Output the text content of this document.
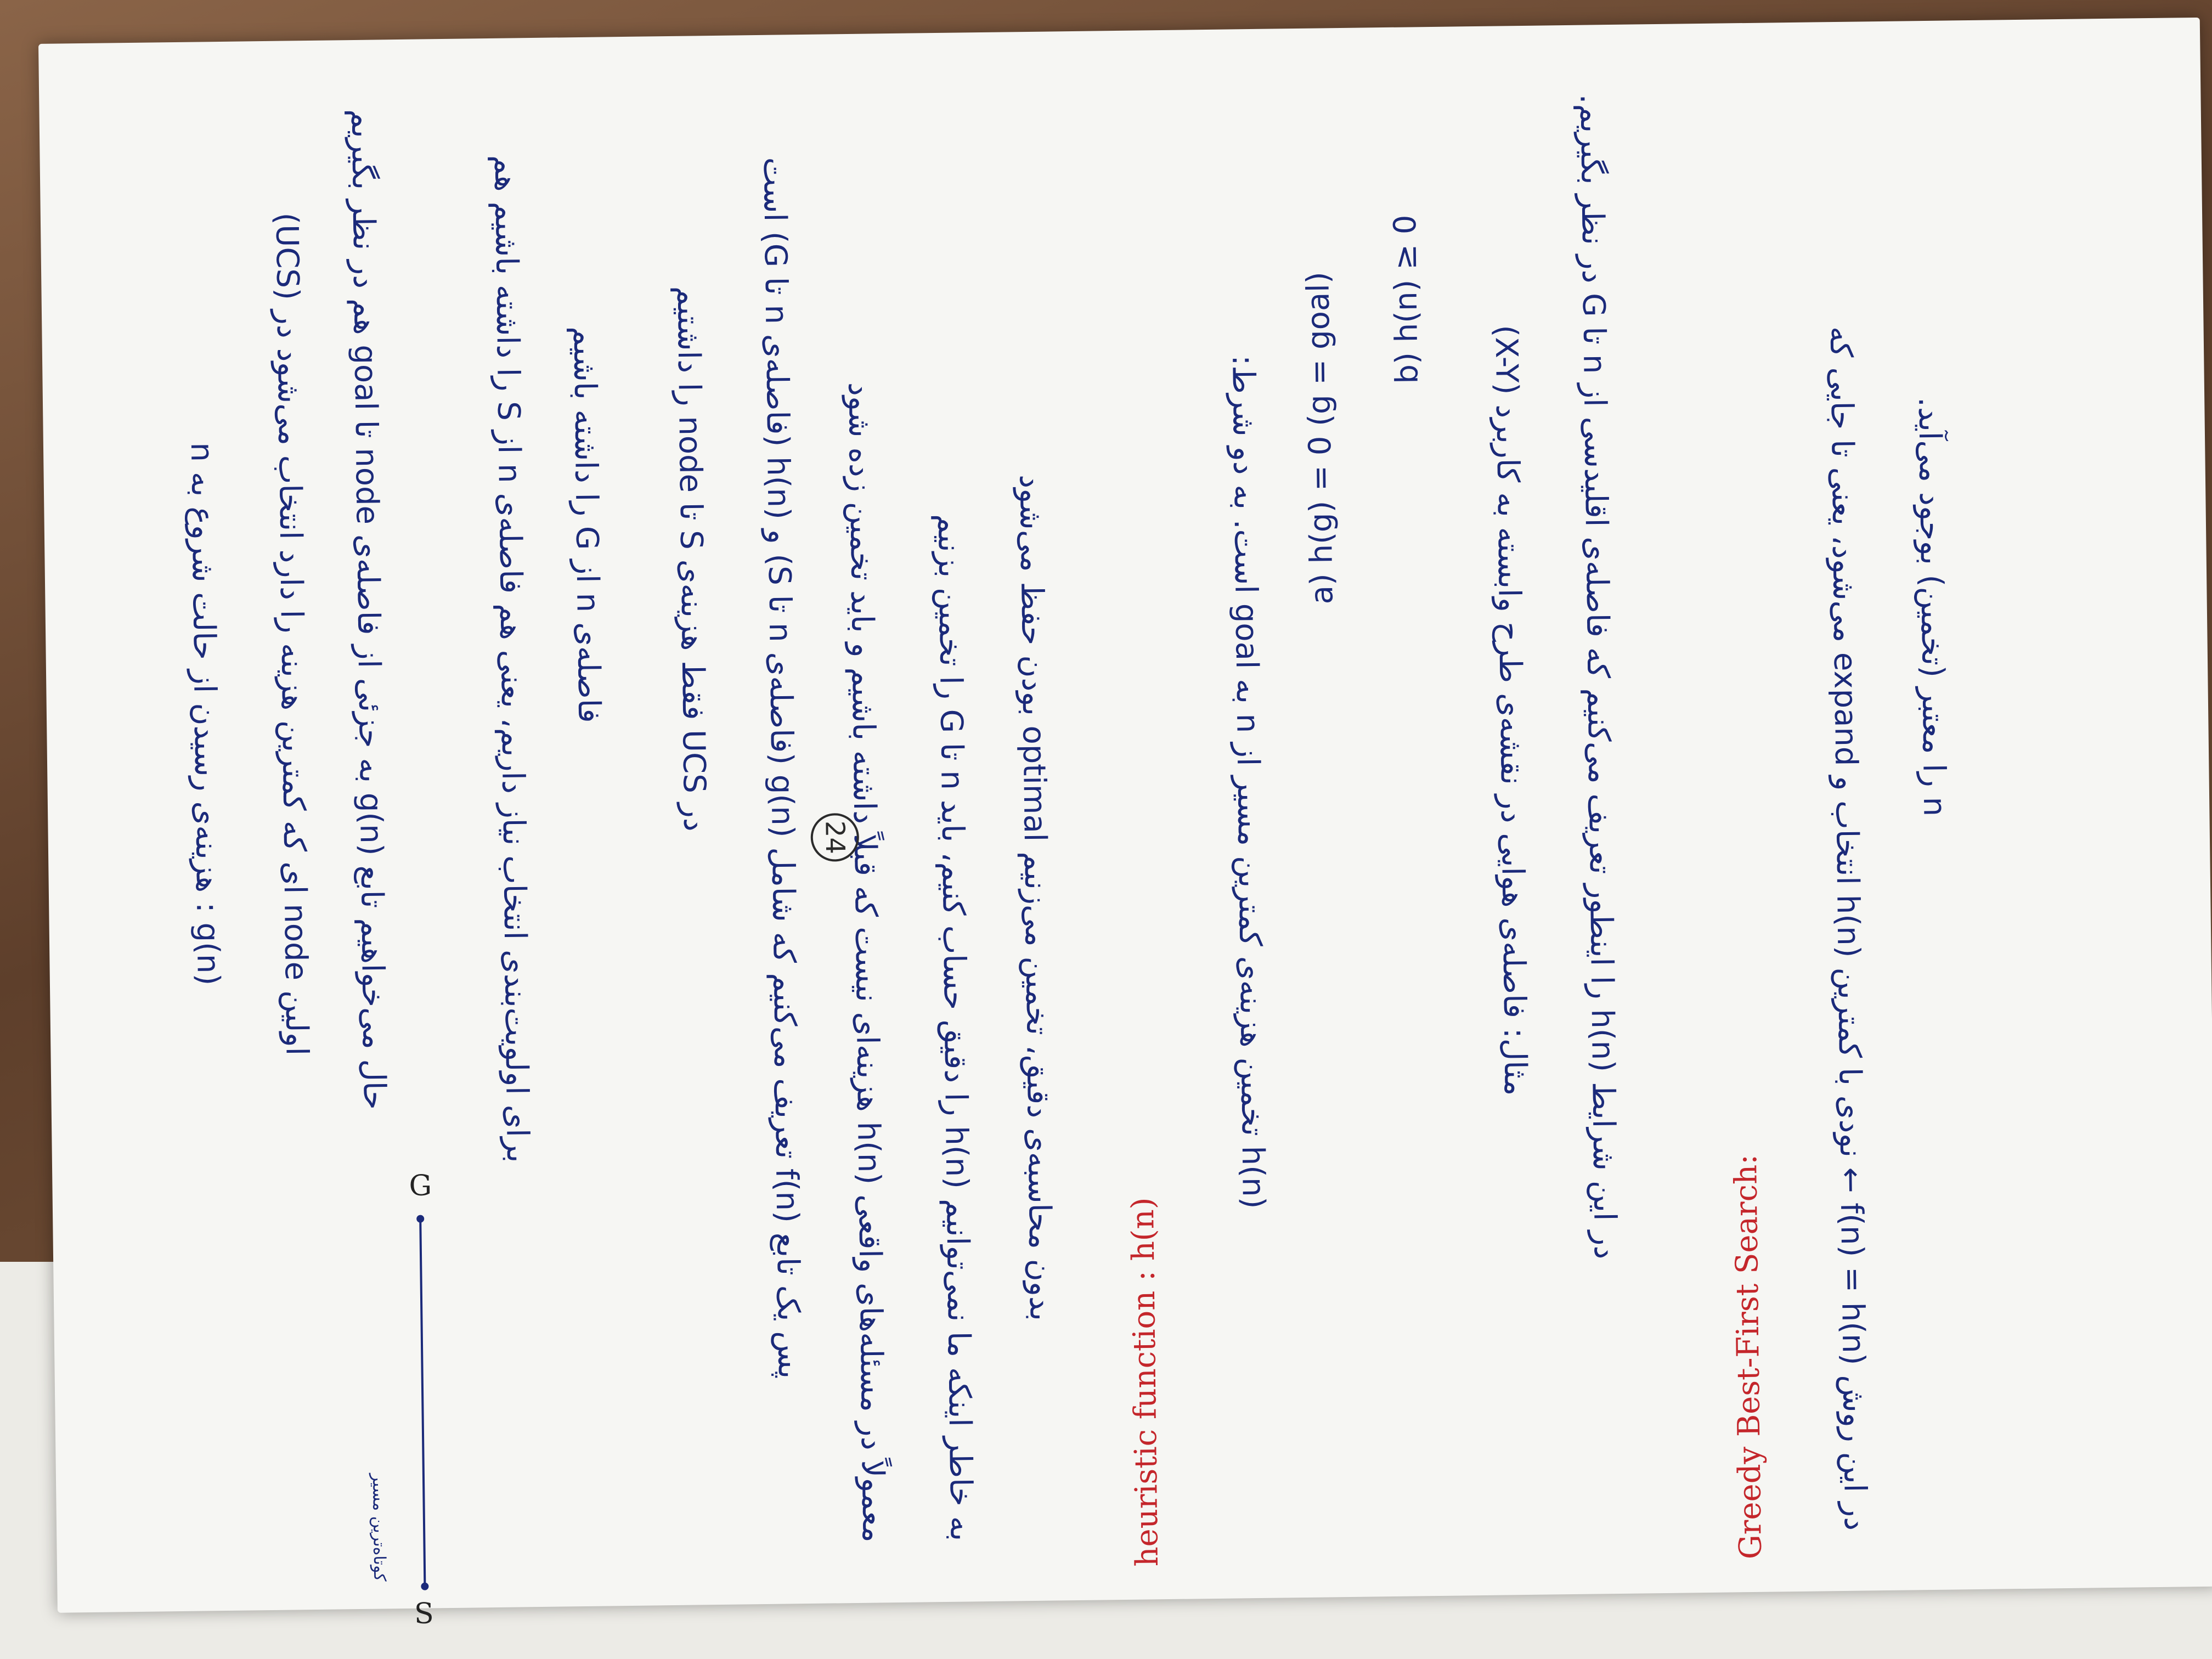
g(n) : هزینه‌ی رسیدن از حالت شروع به n
اولین node ای که کمترین هزینه را دارد انتخاب می‌شود در (UCS)
حال می‌خواهیم تابع g(n) به جزئی از فاصله‌ی node تا goal هم در نظر بگیریم
برای اولویت‌بندی انتخاب نیاز داریم، یعنی هم فاصله‌ی n از S را داشته باشیم هم
فاصله‌ی n از G را داشته باشیم
در UCS فقط هزینه‌ی S تا node را داشتیم
پس یک تابع f(n) تعریف می‌کنیم که شامل g(n) (فاصله‌ی n تا S) و h(n) (فاصله‌ی n تا G) است
معمولاً در مسئله‌های واقعی h(n) هزینه‌ای نیست که قبلاً داشته باشیم و باید تخمین زده شود
به خاطر اینکه ما نمی‌توانیم h(n) را دقیق حساب کنیم، باید n تا G را تخمین بزنیم
بدون محاسبه‌ی دقیق، تخمین می‌زنیم optimal بودن حفظ می‌شود
heuristic function : h(n)
h(n) تخمین هزینه‌ی کمترین مسیر از n به goal است. به دو شرط:
a) h(g) = 0 (g = goal) b) h(n) ≥ 0 مثال: فاصله‌ی هوایی در نقشه‌ی طرح وابسته به کاربرد (X-Y)
در این شرایط h(n) را اینطور تعریف می‌کنیم که فاصله‌ی اقلیدسی از n تا G در نظر بگیریم.	Greedy Best-First Search:
در این روش f(n) = h(n) ← نودی با کمترین h(n) انتخاب و expand می‌شود، یعنی تا جایی که
n را معتبر (تخمین) بوجود می‌آید.
24
G
S
کوتاه‌ترین مسیر
